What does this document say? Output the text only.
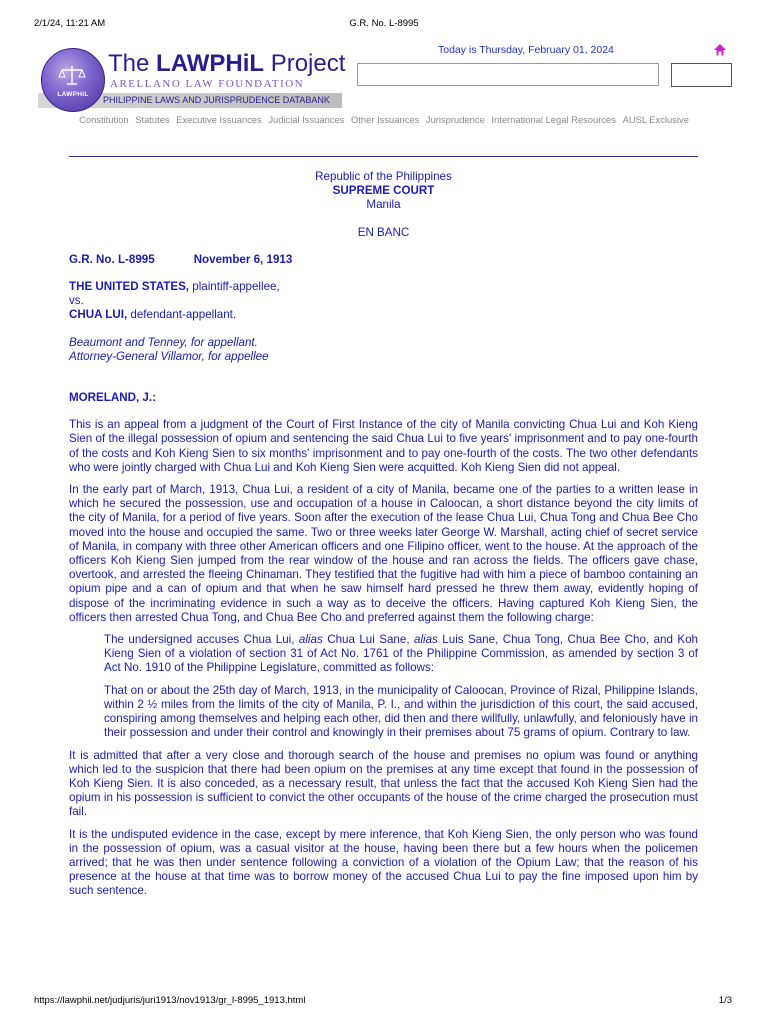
2/1/24, 11:21 AM	G.R. No. L-8995
LAWPHiL
The LAWPHiL Project
ARELLANO LAW FOUNDATION
PHILIPPINE LAWS AND JURISPRUDENCE DATABANK
Today is Thursday, February 01, 2024
Constitution Statutes Executive Issuances Judicial Issuances Other Issuances Jurisprudence International Legal Resources AUSL Exclusive
Republic of the Philippines
SUPREME COURT
Manila
EN BANC
G.R. No. L-8995	November 6, 1913
THE UNITED STATES, plaintiff-appellee,
vs.
CHUA LUI, defendant-appellant.
Beaumont and Tenney, for appellant.
Attorney-General Villamor, for appellee
MORELAND, J.:

This is an appeal from a judgment of the Court of First Instance of the city of Manila convicting Chua Lui and Koh Kieng Sien of the illegal possession of opium and sentencing the said Chua Lui to five years' imprisonment and to pay one-fourth of the costs and Koh Kieng Sien to six months' imprisonment and to pay one-fourth of the costs. The two other defendants who were jointly charged with Chua Lui and Koh Kieng Sien were acquitted. Koh Kieng Sien did not appeal.

In the early part of March, 1913, Chua Lui, a resident of a city of Manila, became one of the parties to a written lease in which he secured the possession, use and occupation of a house in Caloocan, a short distance beyond the city limits of the city of Manila, for a period of five years. Soon after the execution of the lease Chua Lui, Chua Tong and Chua Bee Cho moved into the house and occupied the same. Two or three weeks later George W. Marshall, acting chief of secret service of Manila, in company with three other American officers and one Filipino officer, went to the house. At the approach of the officers Koh Kieng Sien jumped from the rear window of the house and ran across the fields. The officers gave chase, overtook, and arrested the fleeing Chinaman. They testified that the fugitive had with him a piece of bamboo containing an opium pipe and a can of opium and that when he saw himself hard pressed he threw them away, evidently hoping of dispose of the incriminating evidence in such a way as to deceive the officers. Having captured Koh Kieng Sien, the officers then arrested Chua Tong, and Chua Bee Cho and preferred against them the following charge:

The undersigned accuses Chua Lui, alias Chua Lui Sane, alias Luis Sane, Chua Tong, Chua Bee Cho, and Koh Kieng Sien of a violation of section 31 of Act No. 1761 of the Philippine Commission, as amended by section 3 of Act No. 1910 of the Philippine Legislature, committed as follows:

That on or about the 25th day of March, 1913, in the municipality of Caloocan, Province of Rizal, Philippine Islands, within 2 ½ miles from the limits of the city of Manila, P. I., and within the jurisdiction of this court, the said accused, conspiring among themselves and helping each other, did then and there willfully, unlawfully, and feloniously have in their possession and under their control and knowingly in their premises about 75 grams of opium. Contrary to law.

It is admitted that after a very close and thorough search of the house and premises no opium was found or anything which led to the suspicion that there had been opium on the premises at any time except that found in the possession of Koh Kieng Sien. It is also conceded, as a necessary result, that unless the fact that the accused Koh Kieng Sien had the opium in his possession is sufficient to convict the other occupants of the house of the crime charged the prosecution must fail.

It is the undisputed evidence in the case, except by mere inference, that Koh Kieng Sien, the only person who was found in the possession of opium, was a casual visitor at the house, having been there but a few hours when the policemen arrived; that he was then under sentence following a conviction of a violation of the Opium Law; that the reason of his presence at the house at that time was to borrow money of the accused Chua Lui to pay the fine imposed upon him by such sentence.

https://lawphil.net/judjuris/juri1913/nov1913/gr_l-8995_1913.html	1/3
